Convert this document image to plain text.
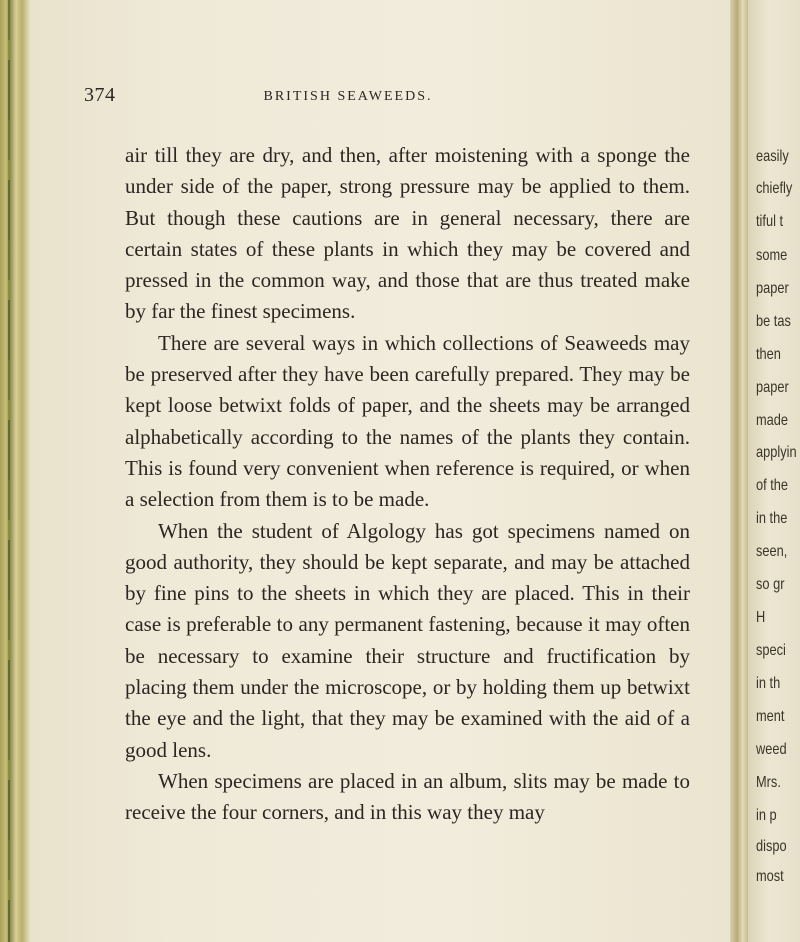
374	BRITISH SEAWEEDS.

air till they are dry, and then, after moistening with a sponge the under side of the paper, strong pressure may be applied to them. But though these cautions are in general necessary, there are certain states of these plants in which they may be covered and pressed in the common way, and those that are thus treated make by far the finest specimens.

There are several ways in which collections of Seaweeds may be preserved after they have been carefully prepared. They may be kept loose betwixt folds of paper, and the sheets may be arranged alphabetically according to the names of the plants they contain. This is found very convenient when reference is required, or when a selection from them is to be made.

When the student of Algology has got specimens named on good authority, they should be kept separate, and may be attached by fine pins to the sheets in which they are placed. This in their case is preferable to any permanent fastening, because it may often be necessary to examine their structure and fructification by placing them under the microscope, or by holding them up betwixt the eye and the light, that they may be examined with the aid of a good lens.

When specimens are placed in an album, slits may be made to receive the four corners, and in this way they may

easily
chiefly
tiful t
some
paper
be tas
then
paper
made
applyin
of the
in the
seen,
so gr
H
speci
in th
ment
weed
Mrs.
in p
dispo
most
